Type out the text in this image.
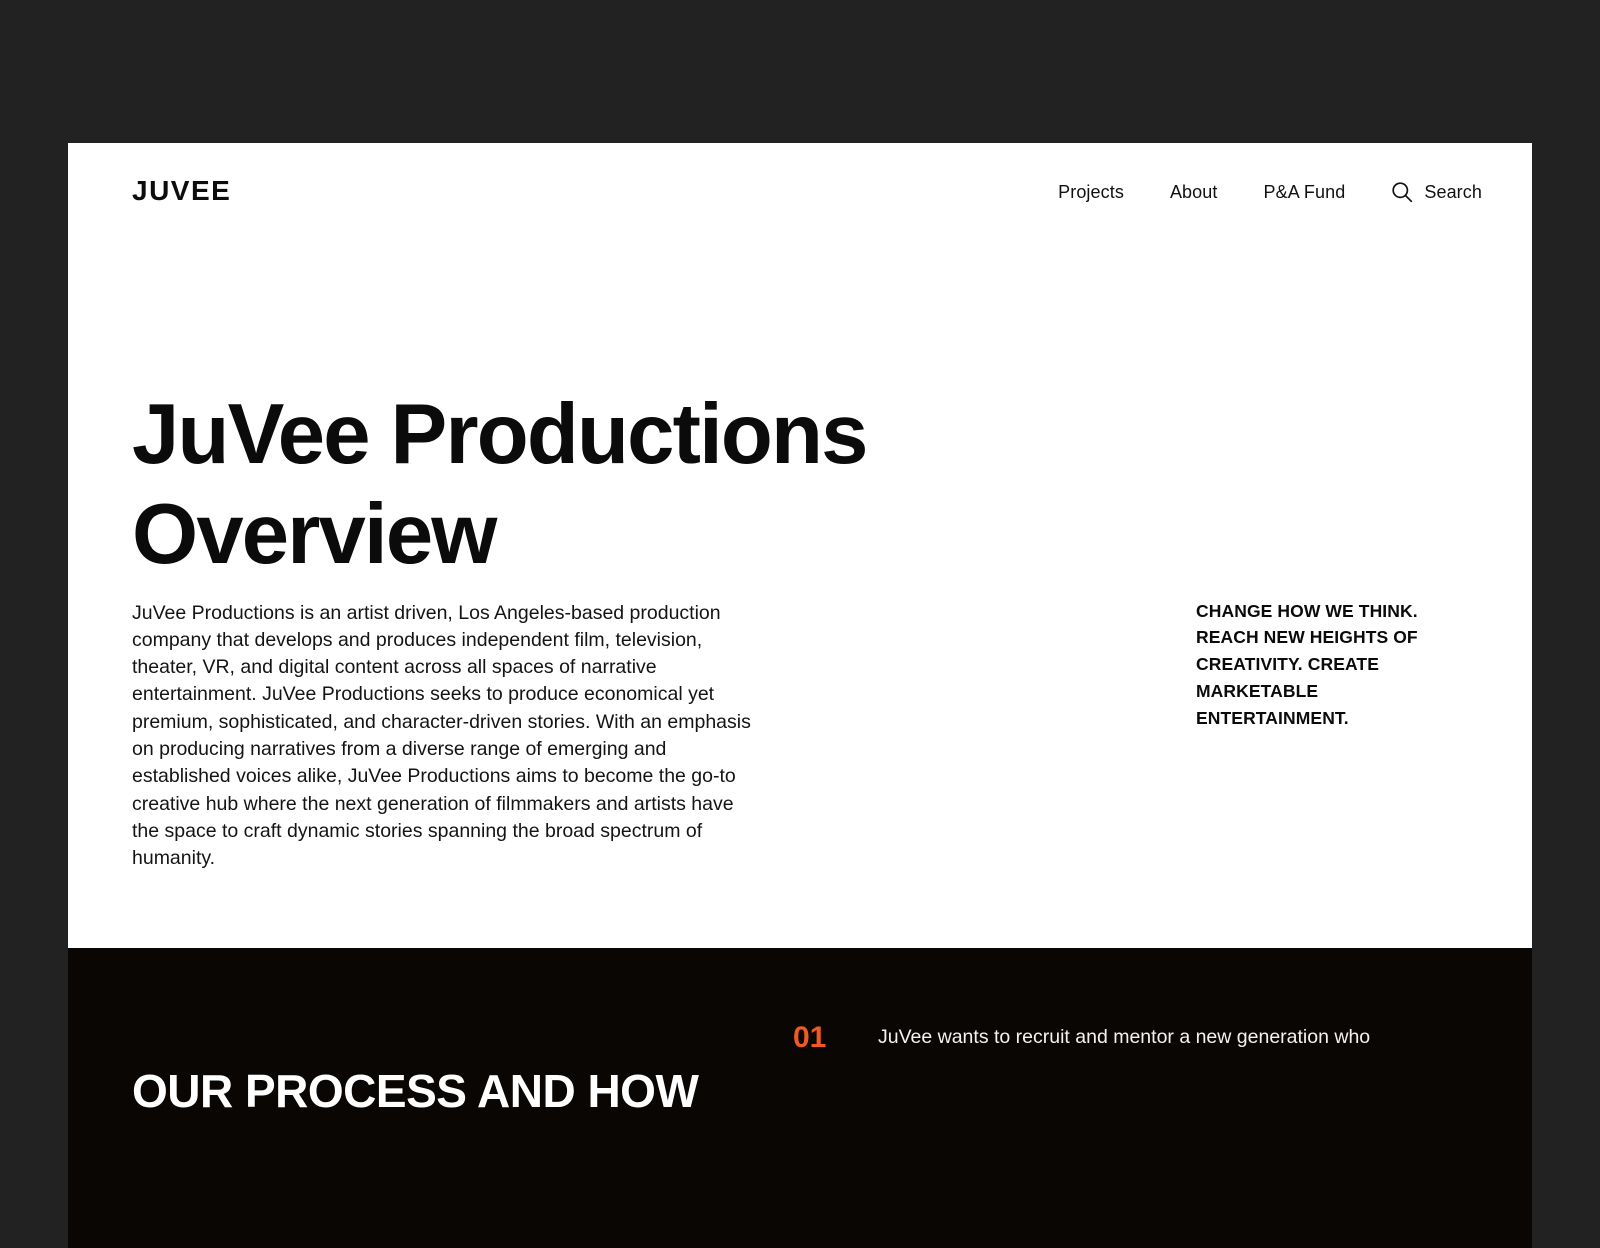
JUVEE	Projects	About	P&A Fund	Search
JuVee Productions Overview

JuVee Productions is an artist driven, Los Angeles-based production company that develops and produces independent film, television, theater, VR, and digital content across all spaces of narrative entertainment. JuVee Productions seeks to produce economical yet premium, sophisticated, and character-driven stories. With an emphasis on producing narratives from a diverse range of emerging and established voices alike, JuVee Productions aims to become the go-to creative hub where the next generation of filmmakers and artists have the space to craft dynamic stories spanning the broad spectrum of humanity.

CHANGE HOW WE THINK. REACH NEW HEIGHTS OF CREATIVITY. CREATE MARKETABLE ENTERTAINMENT.

OUR PROCESS AND HOW
01	JuVee wants to recruit and mentor a new generation who
